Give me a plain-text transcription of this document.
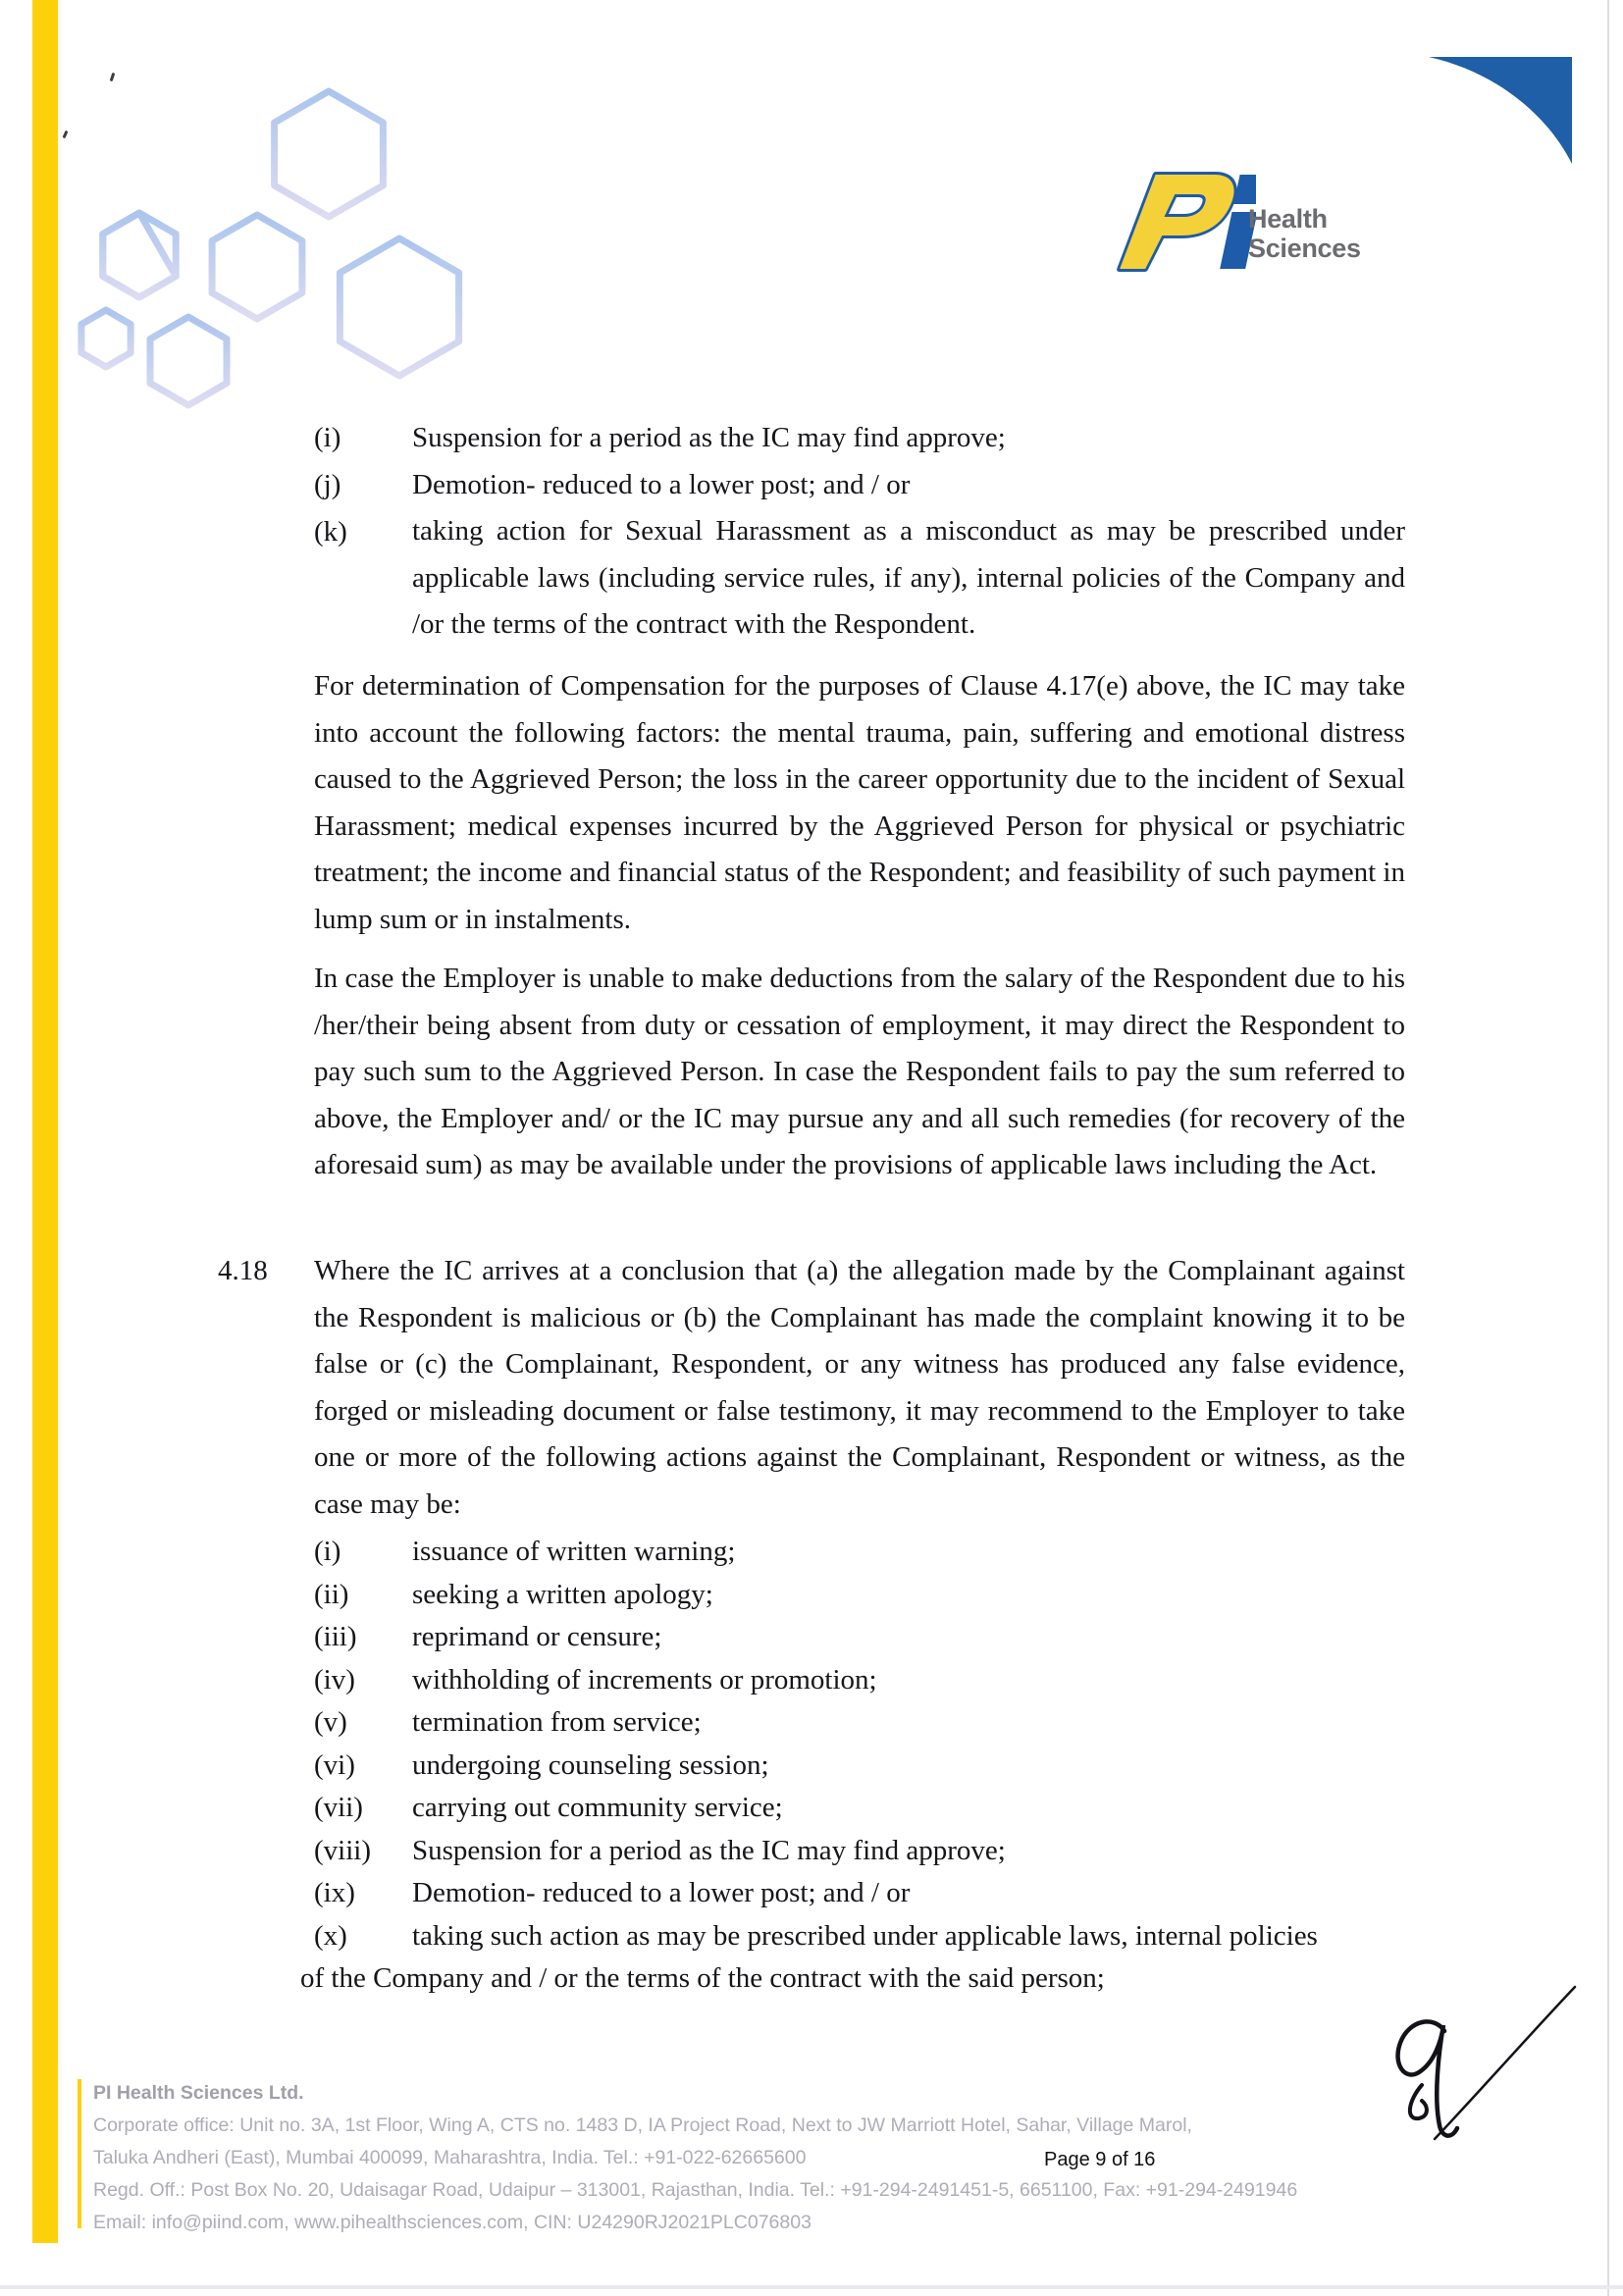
Health
Sciences
(i)	Suspension for a period as the IC may find approve;
(j)	Demotion- reduced to a lower post; and / or
(k)	taking action for Sexual Harassment as a misconduct as may be prescribed under applicable laws (including service rules, if any), internal policies of the Company and /or the terms of the contract with the Respondent.
For determination of Compensation for the purposes of Clause 4.17(e) above, the IC may take into account the following factors: the mental trauma, pain, suffering and emotional distress caused to the Aggrieved Person; the loss in the career opportunity due to the incident of Sexual Harassment; medical expenses incurred by the Aggrieved Person for physical or psychiatric treatment; the income and financial status of the Respondent; and feasibility of such payment in lump sum or in instalments.
In case the Employer is unable to make deductions from the salary of the Respondent due to his /her/their being absent from duty or cessation of employment, it may direct the Respondent to pay such sum to the Aggrieved Person. In case the Respondent fails to pay the sum referred to above, the Employer and/ or the IC may pursue any and all such remedies (for recovery of the aforesaid sum) as may be available under the provisions of applicable laws including the Act.
4.18 Where the IC arrives at a conclusion that (a) the allegation made by the Complainant against the Respondent is malicious or (b) the Complainant has made the complaint knowing it to be false or (c) the Complainant, Respondent, or any witness has produced any false evidence, forged or misleading document or false testimony, it may recommend to the Employer to take one or more of the following actions against the Complainant, Respondent or witness, as the case may be:
(i)	issuance of written warning;
(ii)	seeking a written apology;
(iii)	reprimand or censure;
(iv)	withholding of increments or promotion;
(v)	termination from service;
(vi)	undergoing counseling session;
(vii)	carrying out community service;
(viii)	Suspension for a period as the IC may find approve;
(ix)	Demotion- reduced to a lower post; and / or
(x)	taking such action as may be prescribed under applicable laws, internal policies
of the Company and / or the terms of the contract with the said person;
Page 9 of 16
PI Health Sciences Ltd.
Corporate office: Unit no. 3A, 1st Floor, Wing A, CTS no. 1483 D, IA Project Road, Next to JW Marriott Hotel, Sahar, Village Marol,
Taluka Andheri (East), Mumbai 400099, Maharashtra, India. Tel.: +91-022-62665600
Regd. Off.: Post Box No. 20, Udaisagar Road, Udaipur – 313001, Rajasthan, India. Tel.: +91-294-2491451-5, 6651100, Fax: +91-294-2491946
Email: info@piind.com, www.pihealthsciences.com, CIN: U24290RJ2021PLC076803
